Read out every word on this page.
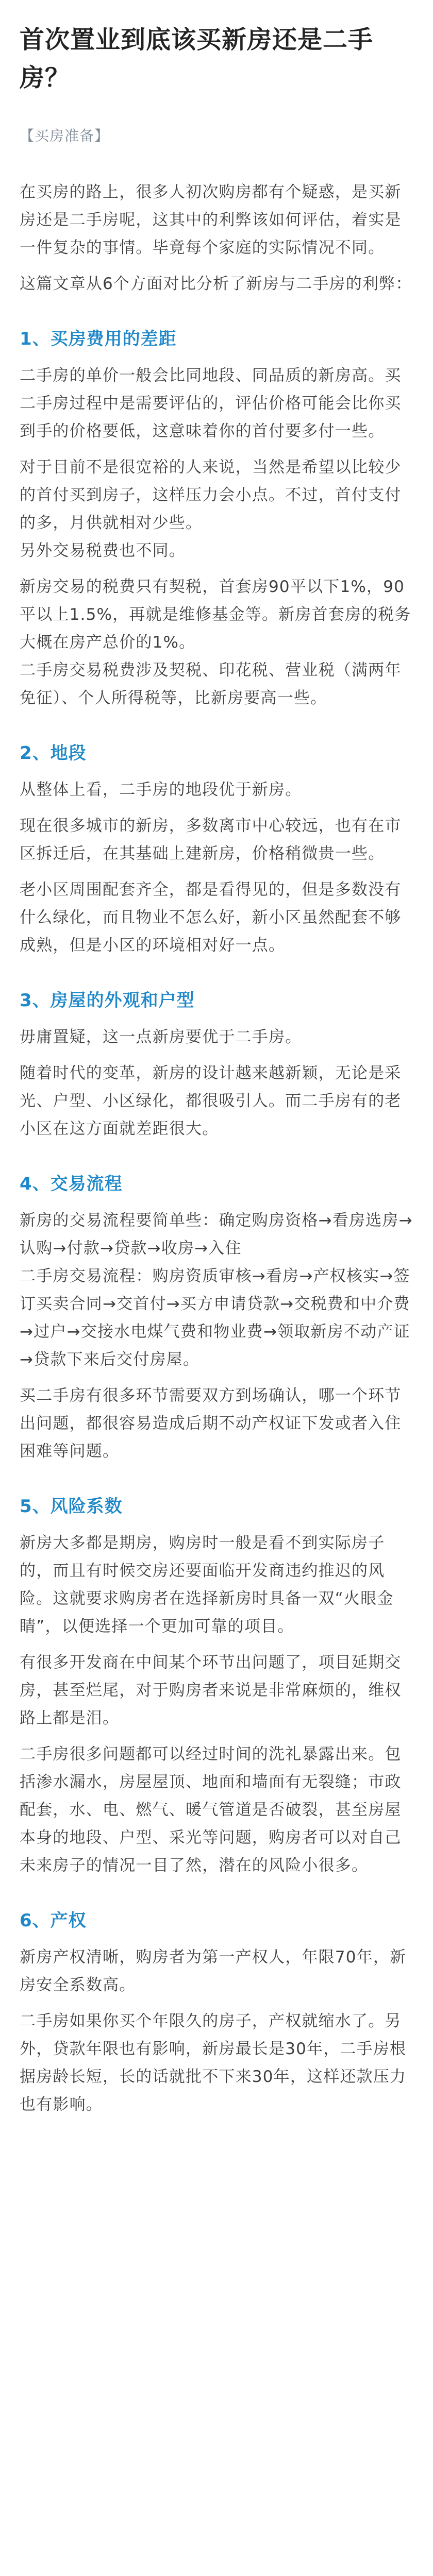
首次置业到底该买新房还是二手房？
【买房准备】

在买房的路上，很多人初次购房都有个疑惑，是买新房还是二手房呢，这其中的利弊该如何评估，着实是一件复杂的事情。毕竟每个家庭的实际情况不同。

这篇文章从6个方面对比分析了新房与二手房的利弊：

1、买房费用的差距

二手房的单价一般会比同地段、同品质的新房高。买二手房过程中是需要评估的，评估价格可能会比你买到手的价格要低，这意味着你的首付要多付一些。

对于目前不是很宽裕的人来说，当然是希望以比较少的首付买到房子，这样压力会小点。不过，首付支付的多，月供就相对少些。

另外交易税费也不同。

新房交易的税费只有契税，首套房90平以下1%，90平以上1.5%，再就是维修基金等。新房首套房的税务大概在房产总价的1%。

二手房交易税费涉及契税、印花税、营业税（满两年免征）、个人所得税等，比新房要高一些。

2、地段

从整体上看，二手房的地段优于新房。

现在很多城市的新房，多数离市中心较远，也有在市区拆迁后，在其基础上建新房，价格稍微贵一些。

老小区周围配套齐全，都是看得见的，但是多数没有什么绿化，而且物业不怎么好，新小区虽然配套不够成熟，但是小区的环境相对好一点。

3、房屋的外观和户型

毋庸置疑，这一点新房要优于二手房。

随着时代的变革，新房的设计越来越新颖，无论是采光、户型、小区绿化，都很吸引人。而二手房有的老小区在这方面就差距很大。

4、交易流程

新房的交易流程要简单些：确定购房资格→看房选房→认购→付款→贷款→收房→入住

二手房交易流程：购房资质审核→看房→产权核实→签订买卖合同→交首付→买方申请贷款→交税费和中介费→过户→交接水电煤气费和物业费→领取新房不动产证→贷款下来后交付房屋。

买二手房有很多环节需要双方到场确认，哪一个环节出问题，都很容易造成后期不动产权证下发或者入住困难等问题。

5、风险系数

新房大多都是期房，购房时一般是看不到实际房子的，而且有时候交房还要面临开发商违约推迟的风险。这就要求购房者在选择新房时具备一双“火眼金睛”，以便选择一个更加可靠的项目。

有很多开发商在中间某个环节出问题了，项目延期交房，甚至烂尾，对于购房者来说是非常麻烦的，维权路上都是泪。

二手房很多问题都可以经过时间的洗礼暴露出来。包括渗水漏水，房屋屋顶、地面和墙面有无裂缝；市政配套，水、电、燃气、暖气管道是否破裂，甚至房屋本身的地段、户型、采光等问题，购房者可以对自己未来房子的情况一目了然，潜在的风险小很多。

6、产权

新房产权清晰，购房者为第一产权人，年限70年，新房安全系数高。

二手房如果你买个年限久的房子，产权就缩水了。另外，贷款年限也有影响，新房最长是30年，二手房根据房龄长短，长的话就批不下来30年，这样还款压力也有影响。
